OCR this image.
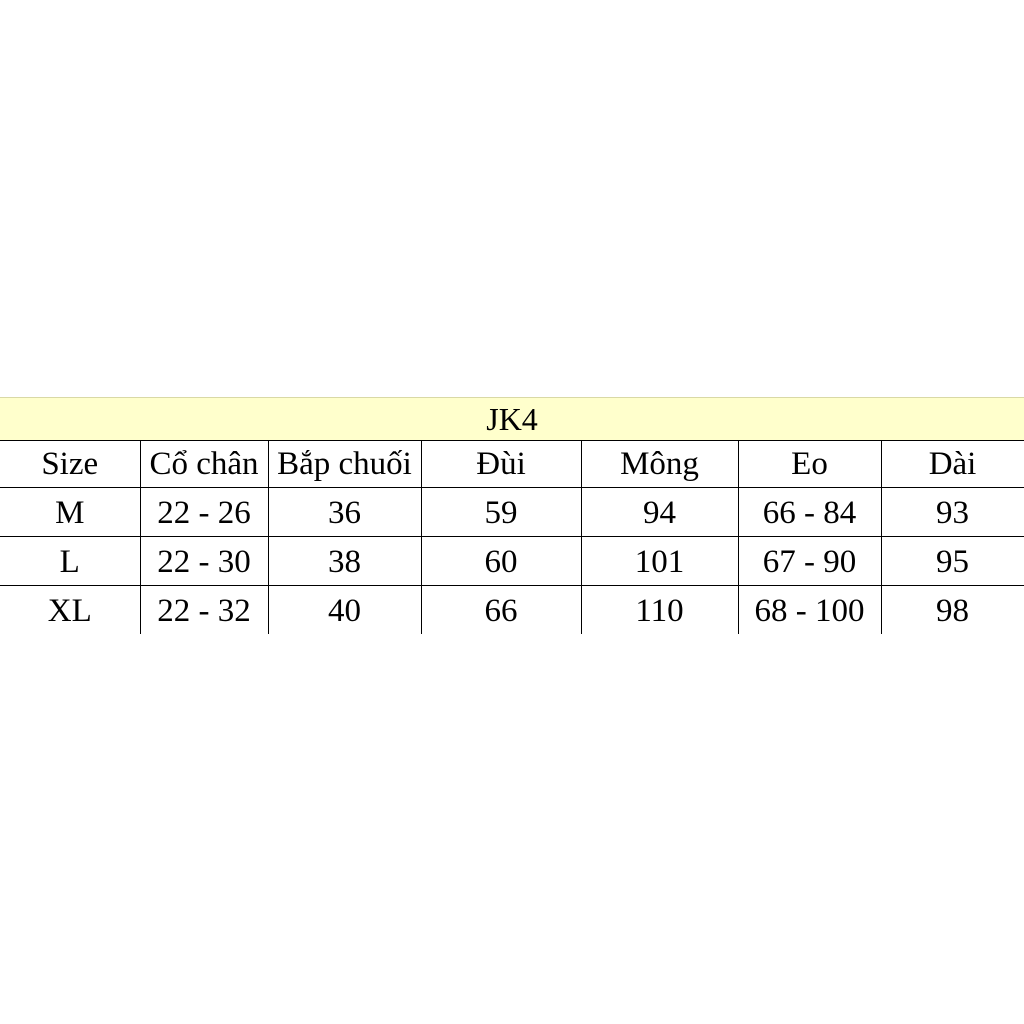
JK4						
Size	Cổ chân	Bắp chuối	Đùi	Mông	Eo	Dài
M	22 - 26	36	59	94	66 - 84	93
L	22 - 30	38	60	101	67 - 90	95
XL	22 - 32	40	66	110	68 - 100	98
